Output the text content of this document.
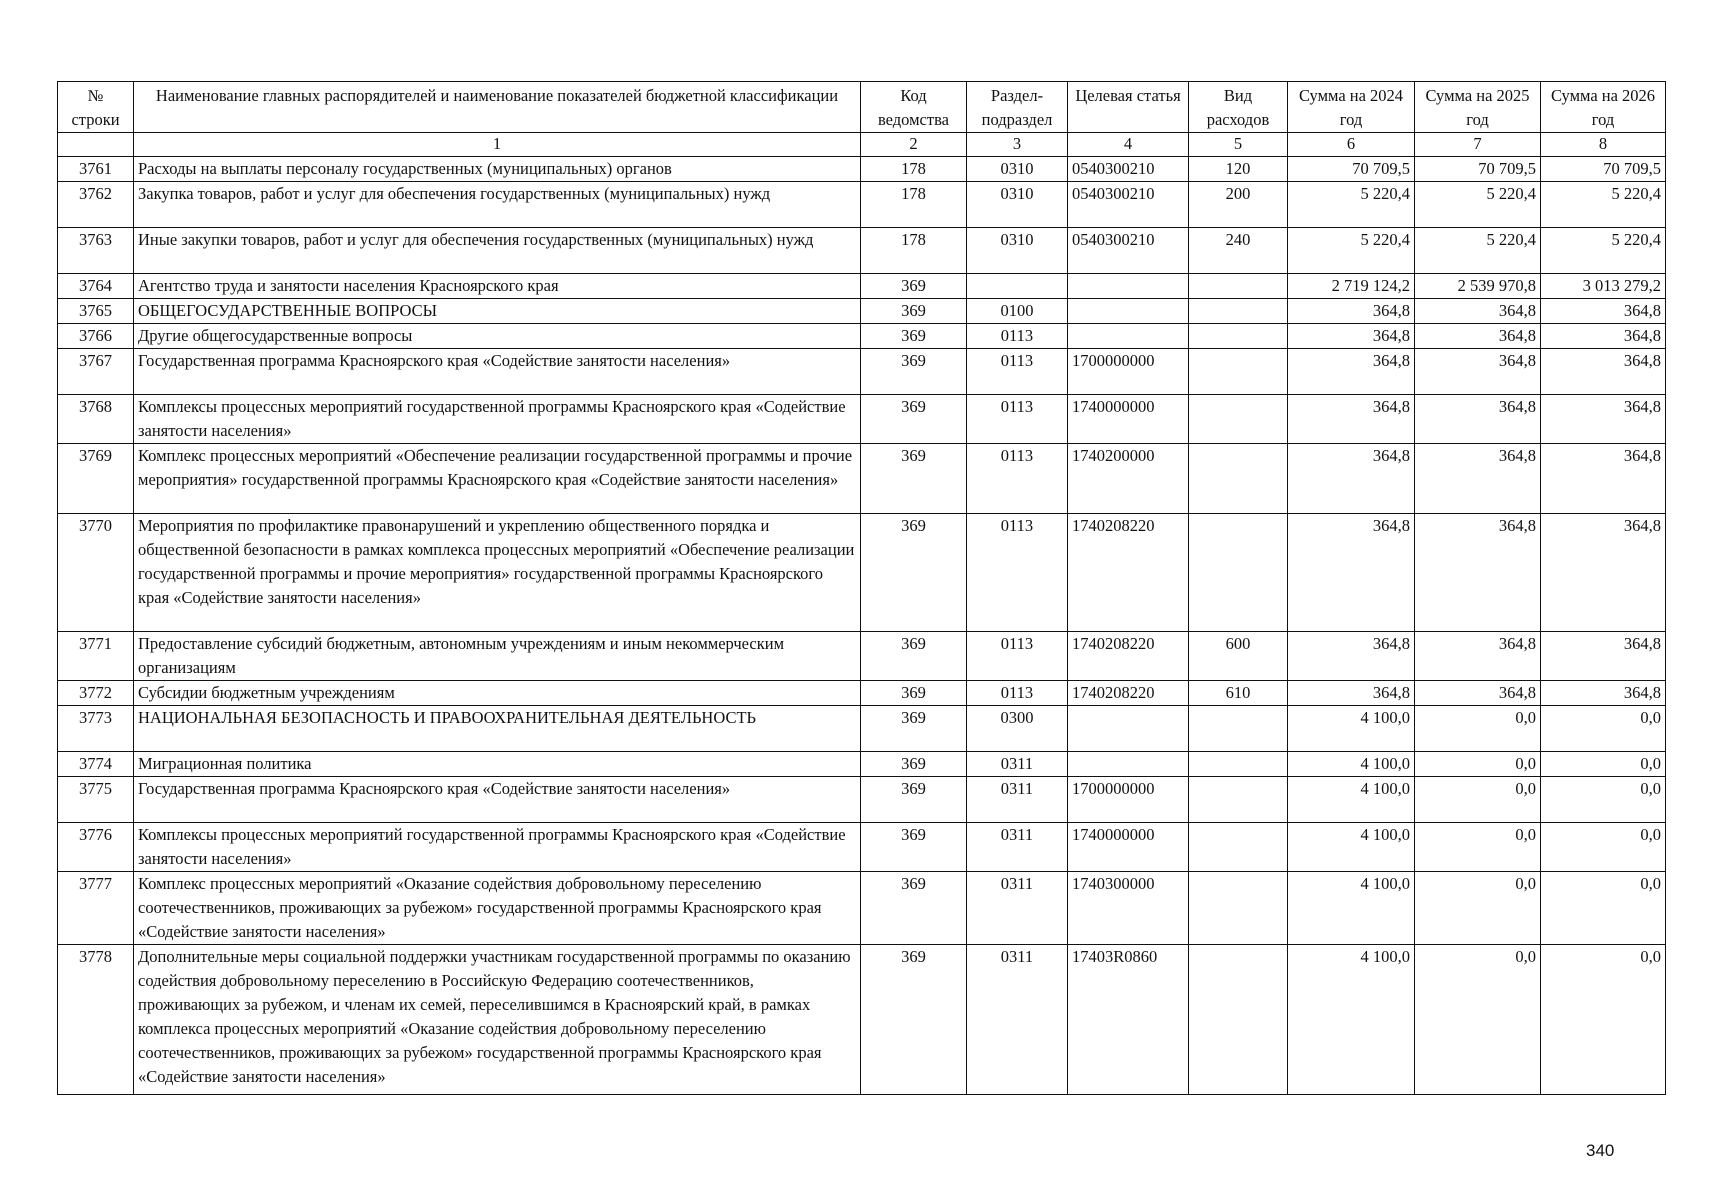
№ строки	Наименование главных распорядителей и наименование показателей бюджетной классификации	Код ведомства	Раздел-подраздел	Целевая статья	Вид расходов	Сумма на 2024 год	Сумма на 2025 год	Сумма на 2026 год
	1	2	3	4	5	6	7	8
3761	Расходы на выплаты персоналу государственных (муниципальных) органов	178	0310	0540300210	120	70 709,5	70 709,5	70 709,5
3762	Закупка товаров, работ и услуг для обеспечения государственных (муниципальных) нужд	178	0310	0540300210	200	5 220,4	5 220,4	5 220,4
3763	Иные закупки товаров, работ и услуг для обеспечения государственных (муниципальных) нужд	178	0310	0540300210	240	5 220,4	5 220,4	5 220,4
3764	Агентство труда и занятости населения Красноярского края	369				2 719 124,2	2 539 970,8	3 013 279,2
3765	ОБЩЕГОСУДАРСТВЕННЫЕ ВОПРОСЫ	369	0100			364,8	364,8	364,8
3766	Другие общегосударственные вопросы	369	0113			364,8	364,8	364,8
3767	Государственная программа Красноярского края «Содействие занятости населения»	369	0113	1700000000		364,8	364,8	364,8
3768	Комплексы процессных мероприятий государственной программы Красноярского края «Содействие занятости населения»	369	0113	1740000000		364,8	364,8	364,8
3769	Комплекс процессных мероприятий «Обеспечение реализации государственной программы и прочие мероприятия» государственной программы Красноярского края «Содействие занятости населения»	369	0113	1740200000		364,8	364,8	364,8
3770	Мероприятия по профилактике правонарушений и укреплению общественного порядка и общественной безопасности в рамках комплекса процессных мероприятий «Обеспечение реализации государственной программы и прочие мероприятия» государственной программы Красноярского края «Содействие занятости населения»	369	0113	1740208220		364,8	364,8	364,8
3771	Предоставление субсидий бюджетным, автономным учреждениям и иным некоммерческим организациям	369	0113	1740208220	600	364,8	364,8	364,8
3772	Субсидии бюджетным учреждениям	369	0113	1740208220	610	364,8	364,8	364,8
3773	НАЦИОНАЛЬНАЯ БЕЗОПАСНОСТЬ И ПРАВООХРАНИТЕЛЬНАЯ ДЕЯТЕЛЬНОСТЬ	369	0300			4 100,0	0,0	0,0
3774	Миграционная политика	369	0311			4 100,0	0,0	0,0
3775	Государственная программа Красноярского края «Содействие занятости населения»	369	0311	1700000000		4 100,0	0,0	0,0
3776	Комплексы процессных мероприятий государственной программы Красноярского края «Содействие занятости населения»	369	0311	1740000000		4 100,0	0,0	0,0
3777	Комплекс процессных мероприятий «Оказание содействия добровольному переселению соотечественников, проживающих за рубежом» государственной программы Красноярского края «Содействие занятости населения»	369	0311	1740300000		4 100,0	0,0	0,0
3778	Дополнительные меры социальной поддержки участникам государственной программы по оказанию содействия добровольному переселению в Российскую Федерацию соотечественников, проживающих за рубежом, и членам их семей, переселившимся в Красноярский край, в рамках комплекса процессных мероприятий «Оказание содействия добровольному переселению соотечественников, проживающих за рубежом» государственной программы Красноярского края «Содействие занятости населения»	369	0311	17403R0860		4 100,0	0,0	0,0
340
